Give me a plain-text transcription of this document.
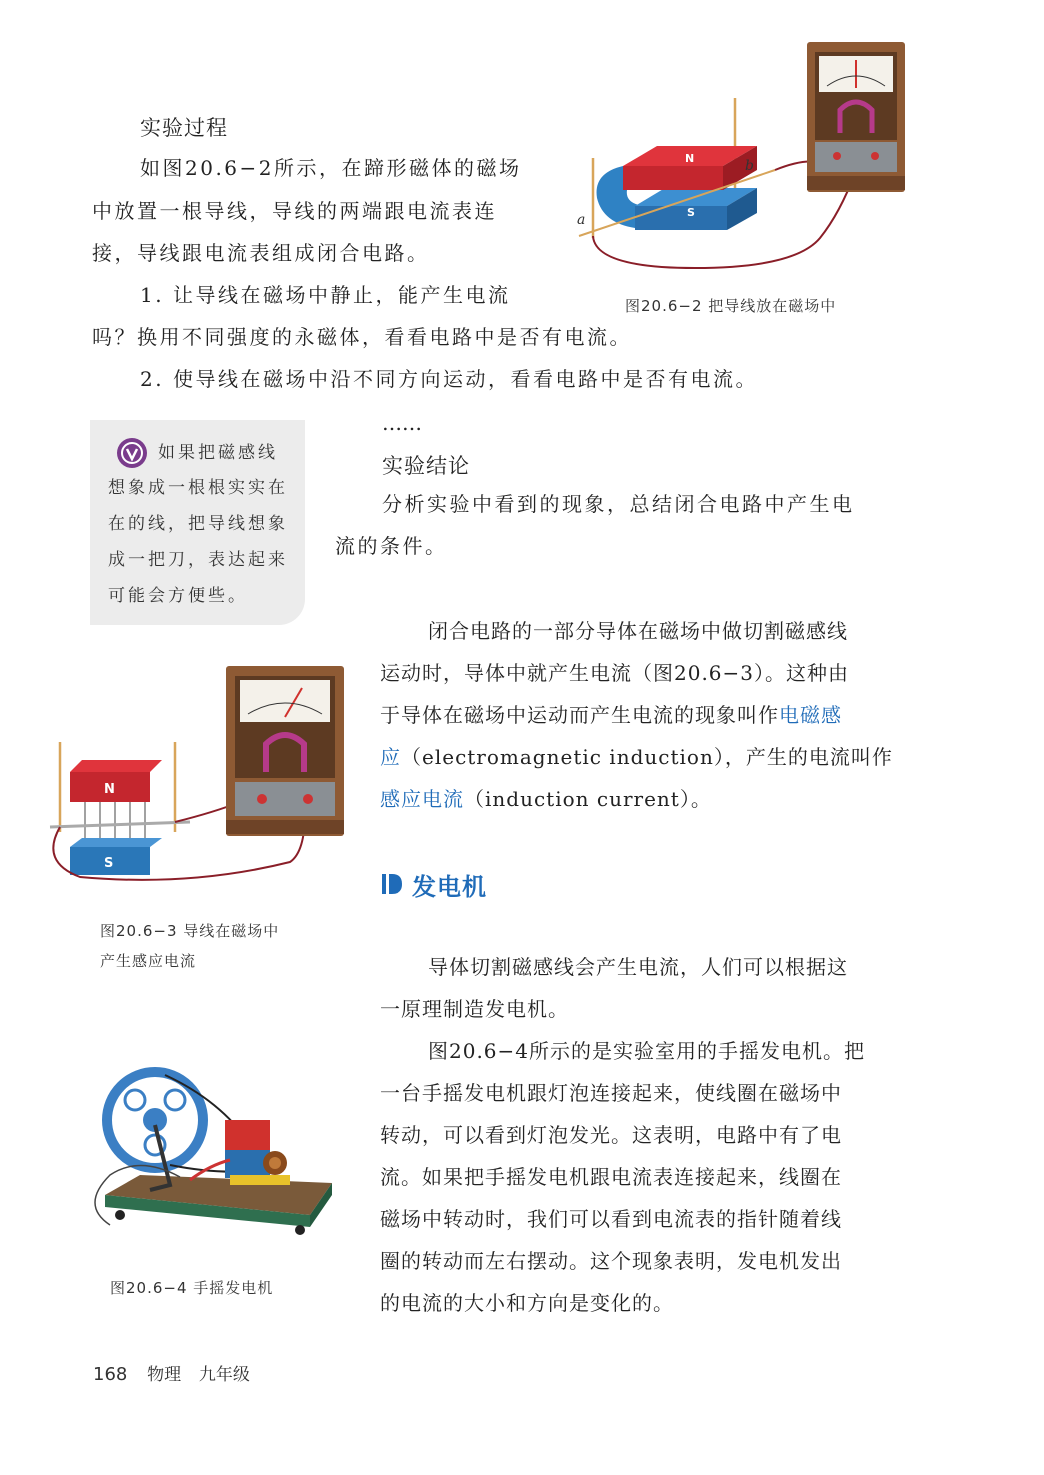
实验过程
如图20.6−2所示，在蹄形磁体的磁场
中放置一根导线，导线的两端跟电流表连
接，导线跟电流表组成闭合电路。
1. 让导线在磁场中静止，能产生电流
吗？换用不同强度的永磁体，看看电路中是否有电流。
2. 使导线在磁场中沿不同方向运动，看看电路中是否有电流。
……
S
N
a
b
图20.6−2 把导线放在磁场中
如果把磁感线
想象成一根根实实在
在的线，把导线想象
成一把刀，表达起来
可能会方便些。
实验结论
分析实验中看到的现象，总结闭合电路中产生电
流的条件。
闭合电路的一部分导体在磁场中做切割磁感线
运动时，导体中就产生电流（图20.6−3）。这种由
于导体在磁场中运动而产生电流的现象叫作电磁感
应（electromagnetic induction），产生的电流叫作
感应电流（induction current）。
N
S
图20.6−3 导线在磁场中
产生感应电流
发电机
导体切割磁感线会产生电流，人们可以根据这
一原理制造发电机。
图20.6−4所示的是实验室用的手摇发电机。把
一台手摇发电机跟灯泡连接起来，使线圈在磁场中
转动，可以看到灯泡发光。这表明，电路中有了电
流。如果把手摇发电机跟电流表连接起来，线圈在
磁场中转动时，我们可以看到电流表的指针随着线
圈的转动而左右摆动。这个现象表明，发电机发出
的电流的大小和方向是变化的。
图20.6−4 手摇发电机
168 物理 九年级
